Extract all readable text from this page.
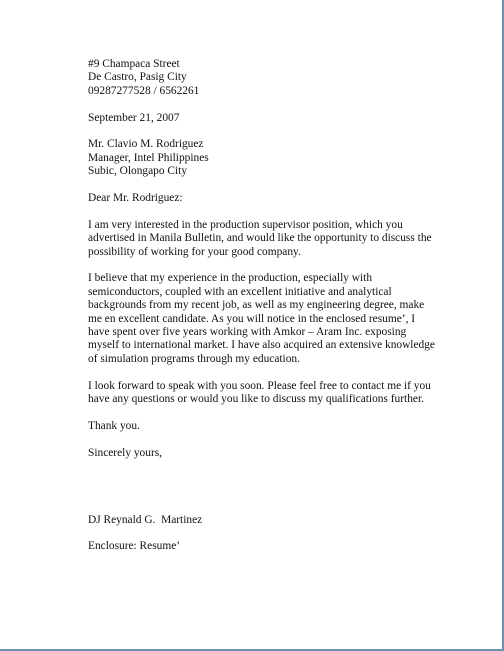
#9 Champaca Street
De Castro, Pasig City
09287277528 / 6562261
September 21, 2007
Mr. Clavio M. Rodriguez
Manager, Intel Philippines
Subic, Olongapo City
Dear Mr. Rodriguez:
I am very interested in the production supervisor position, which you
advertised in Manila Bulletin, and would like the opportunity to discuss the
possibility of working for your good company.
I believe that my experience in the production, especially with
semiconductors, coupled with an excellent initiative and analytical
backgrounds from my recent job, as well as my engineering degree, make
me en excellent candidate. As you will notice in the enclosed resume’, I
have spent over five years working with Amkor – Aram Inc. exposing
myself to international market. I have also acquired an extensive knowledge
of simulation programs through my education.
I look forward to speak with you soon. Please feel free to contact me if you
have any questions or would you like to discuss my qualifications further.
Thank you.
Sincerely yours,
DJ Reynald G.  Martinez
Enclosure: Resume’
